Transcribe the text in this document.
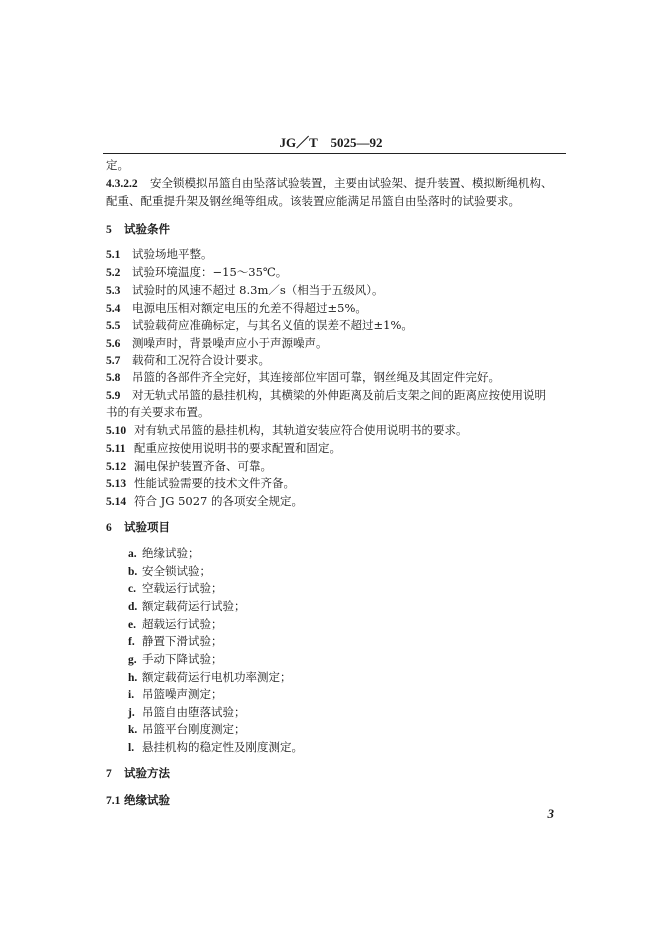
JG／T　5025—92
定。
4.3.2.2 安全锁模拟吊篮自由坠落试验装置，主要由试验架、提升装置、模拟断绳机构、
配重、配重提升架及钢丝绳等组成。该装置应能满足吊篮自由坠落时的试验要求。
5 试验条件
5.1 试验场地平整。
5.2 试验环境温度：−15～35℃。
5.3 试验时的风速不超过 8.3m／s（相当于五级风）。
5.4 电源电压相对额定电压的允差不得超过±5%。
5.5 试验载荷应准确标定，与其名义值的误差不超过±1%。
5.6 测噪声时，背景噪声应小于声源噪声。
5.7 载荷和工况符合设计要求。
5.8 吊篮的各部件齐全完好，其连接部位牢固可靠，钢丝绳及其固定件完好。
5.9 对无轨式吊篮的悬挂机构，其横梁的外伸距离及前后支架之间的距离应按使用说明
书的有关要求布置。
5.10 对有轨式吊篮的悬挂机构，其轨道安装应符合使用说明书的要求。
5.11 配重应按使用说明书的要求配置和固定。
5.12 漏电保护装置齐备、可靠。
5.13 性能试验需要的技术文件齐备。
5.14 符合 JG 5027 的各项安全规定。
6 试验项目
a. 绝缘试验；
b. 安全锁试验；
c. 空载运行试验；
d. 额定载荷运行试验；
e. 超载运行试验；
f. 静置下滑试验；
g. 手动下降试验；
h. 额定载荷运行电机功率测定；
i. 吊篮噪声测定；
j. 吊篮自由堕落试验；
k. 吊篮平台刚度测定；
l. 悬挂机构的稳定性及刚度测定。
7 试验方法
7.1 绝缘试验
3
